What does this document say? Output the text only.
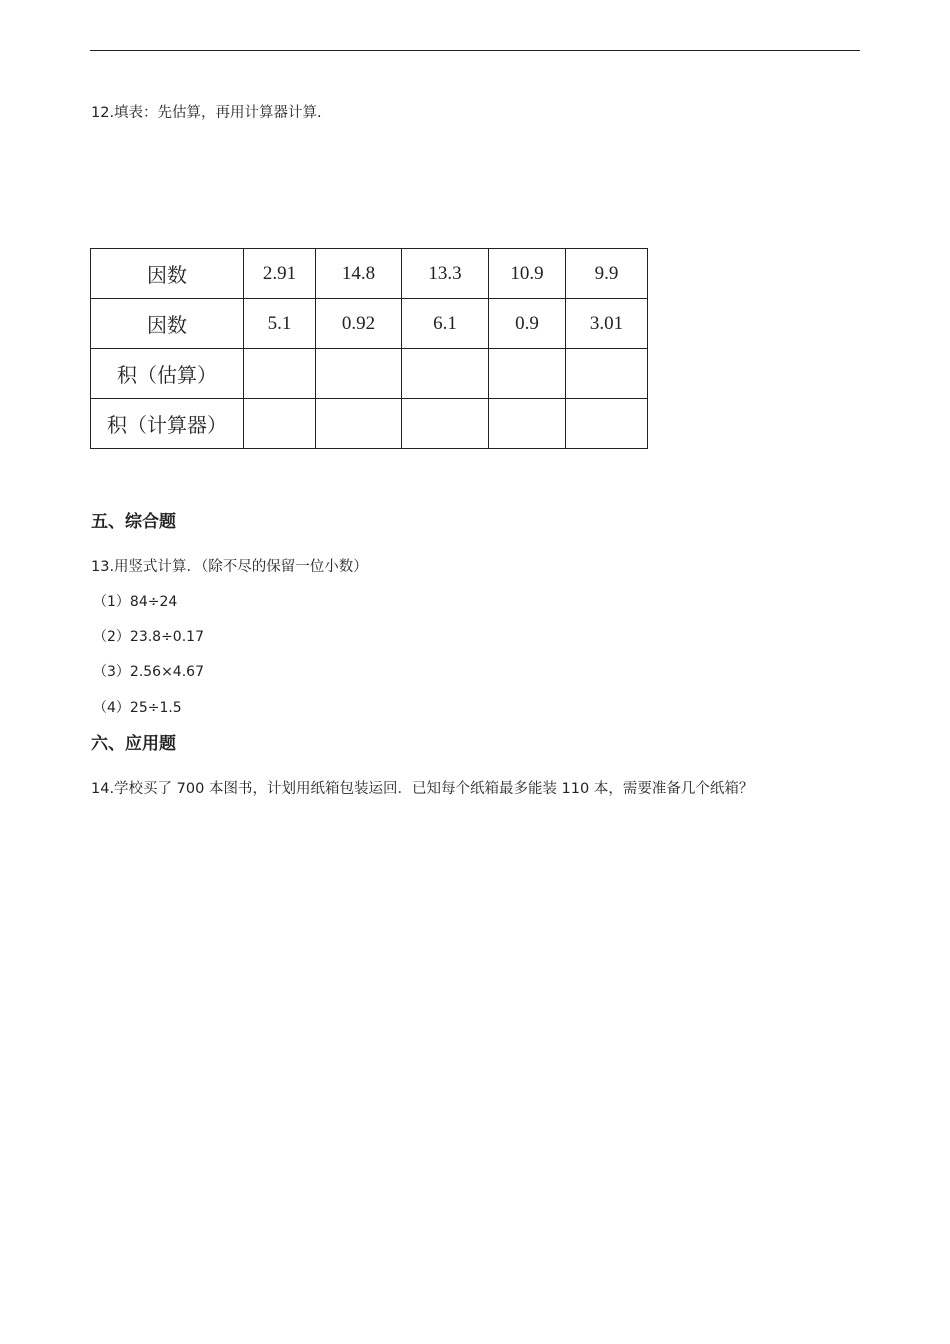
12.填表：先估算，再用计算器计算.
因数	2.91	14.8	13.3	10.9	9.9
因数	5.1	0.92	6.1	0.9	3.01
积（估算）					
积（计算器）					
五、综合题
13.用竖式计算．（除不尽的保留一位小数）
（1）84÷24
（2）23.8÷0.17
（3）2.56×4.67
（4）25÷1.5
六、应用题
14.学校买了 700 本图书，计划用纸箱包装运回．已知每个纸箱最多能装 110 本，需要准备几个纸箱？
